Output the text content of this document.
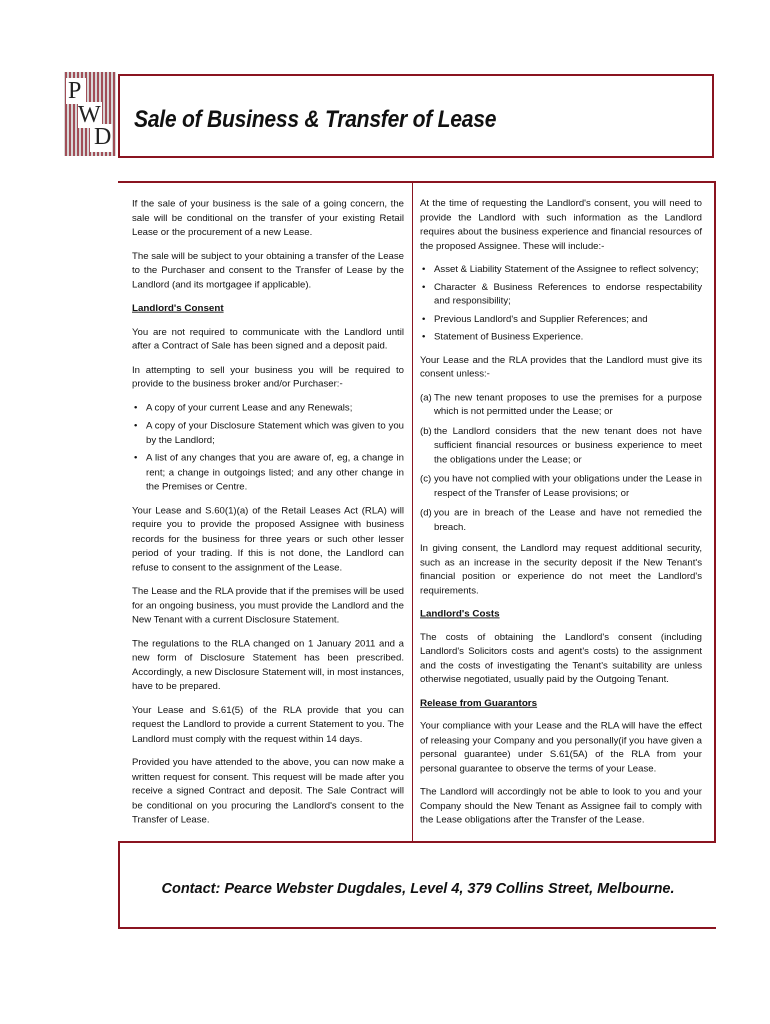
P
W
D
Sale of Business & Transfer of Lease

If the sale of your business is the sale of a going concern, the sale will be conditional on the transfer of your existing Retail Lease or the procurement of a new Lease.

The sale will be subject to your obtaining a transfer of the Lease to the Purchaser and consent to the Transfer of Lease by the Landlord (and its mortgagee if applicable).

Landlord's Consent

You are not required to communicate with the Landlord until after a Contract of Sale has been signed and a deposit paid.

In attempting to sell your business you will be required to provide to the business broker and/or Purchaser:-

• A copy of your current Lease and any Renewals;
• A copy of your Disclosure Statement which was given to you by the Landlord;
• A list of any changes that you are aware of, eg, a change in rent; a change in outgoings listed; and any other change in the Premises or Centre.

Your Lease and S.60(1)(a) of the Retail Leases Act (RLA) will require you to provide the proposed Assignee with business records for the business for three years or such other lesser period of your trading. If this is not done, the Landlord can refuse to consent to the assignment of the Lease.

The Lease and the RLA provide that if the premises will be used for an ongoing business, you must provide the Landlord and the New Tenant with a current Disclosure Statement.

The regulations to the RLA changed on 1 January 2011 and a new form of Disclosure Statement has been prescribed. Accordingly, a new Disclosure Statement will, in most instances, have to be prepared.

Your Lease and S.61(5) of the RLA provide that you can request the Landlord to provide a current Statement to you. The Landlord must comply with the request within 14 days.

Provided you have attended to the above, you can now make a written request for consent. This request will be made after you receive a signed Contract and deposit. The Sale Contract will be conditional on you procuring the Landlord's consent to the Transfer of Lease.

At the time of requesting the Landlord's consent, you will need to provide the Landlord with such information as the Landlord requires about the business experience and financial resources of the proposed Assignee. These will include:-

• Asset & Liability Statement of the Assignee to reflect solvency;
• Character & Business References to endorse respectability and responsibility;
• Previous Landlord's and Supplier References; and
• Statement of Business Experience.

Your Lease and the RLA provides that the Landlord must give its consent unless:-

(a) The new tenant proposes to use the premises for a purpose which is not permitted under the Lease; or
(b) the Landlord considers that the new tenant does not have sufficient financial resources or business experience to meet the obligations under the Lease; or
(c) you have not complied with your obligations under the Lease in respect of the Transfer of Lease provisions; or
(d) you are in breach of the Lease and have not remedied the breach.

In giving consent, the Landlord may request additional security, such as an increase in the security deposit if the New Tenant's financial position or experience do not meet the Landlord's requirements.

Landlord's Costs

The costs of obtaining the Landlord's consent (including Landlord's Solicitors costs and agent's costs) to the assignment and the costs of investigating the Tenant's suitability are unless otherwise negotiated, usually paid by the Outgoing Tenant.

Release from Guarantors

Your compliance with your Lease and the RLA will have the effect of releasing your Company and you personally(if you have given a personal guarantee) under S.61(5A) of the RLA from your personal guarantee to observe the terms of your Lease.

The Landlord will accordingly not be able to look to you and your Company should the New Tenant as Assignee fail to comply with the Lease obligations after the Transfer of the Lease.

Contact: Pearce Webster Dugdales, Level 4, 379 Collins Street, Melbourne.
